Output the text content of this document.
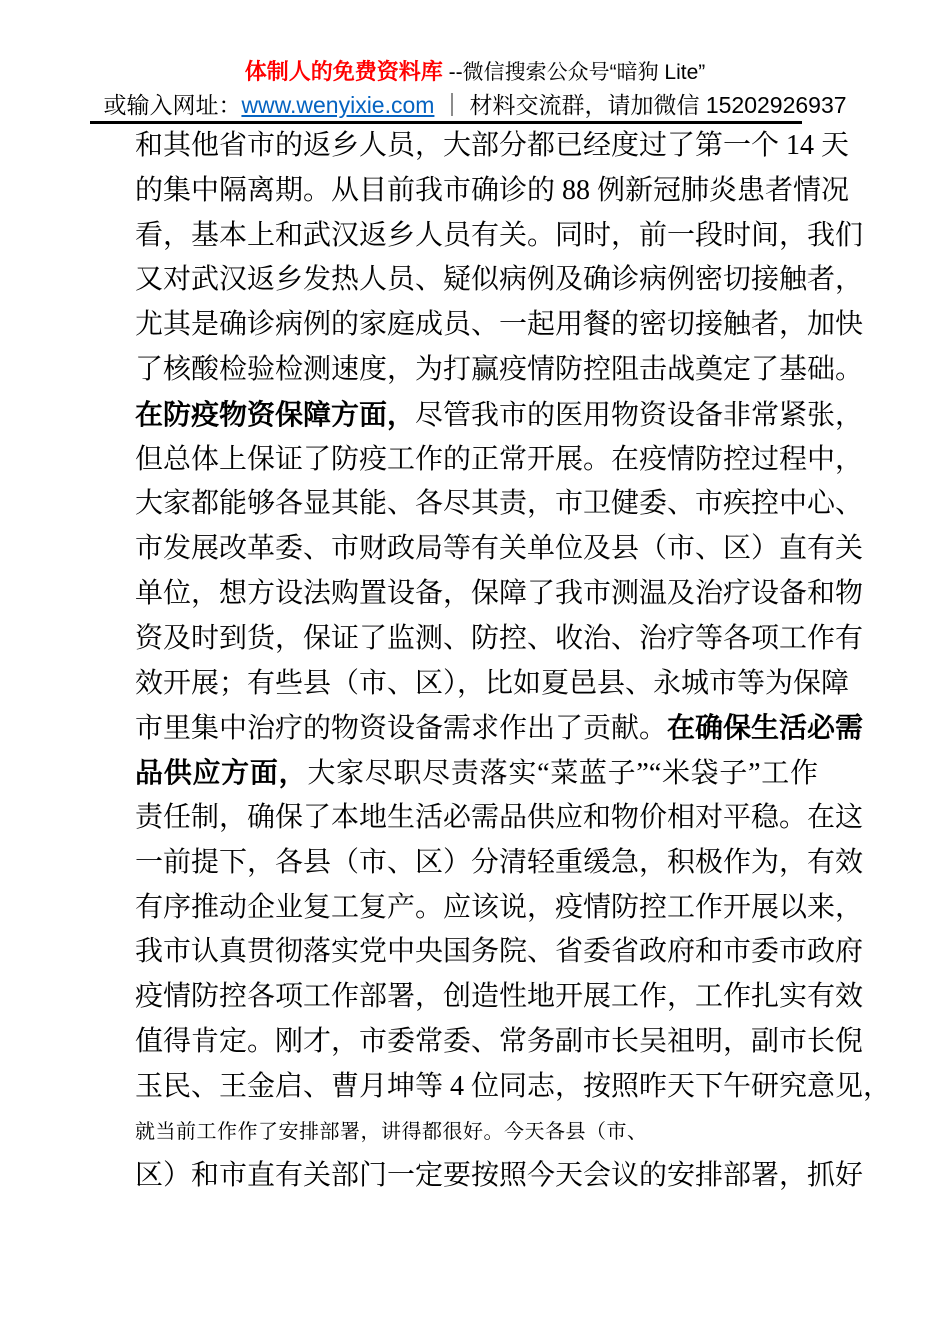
体制人的免费资料库 --微信搜索公众号“暗狗 Lite”
或输入网址：www.wenyixie.com ｜ 材料交流群，请加微信 15202926937
和其他省市的返乡人员，大部分都已经度过了第一个 14 天
的集中隔离期。从目前我市确诊的 88 例新冠肺炎患者情况
看，基本上和武汉返乡人员有关。同时，前一段时间，我们
又对武汉返乡发热人员、疑似病例及确诊病例密切接触者，
尤其是确诊病例的家庭成员、一起用餐的密切接触者，加快
了核酸检验检测速度，为打赢疫情防控阻击战奠定了基础。
在防疫物资保障方面，尽管我市的医用物资设备非常紧张，
但总体上保证了防疫工作的正常开展。在疫情防控过程中，
大家都能够各显其能、各尽其责，市卫健委、市疾控中心、
市发展改革委、市财政局等有关单位及县（市、区）直有关
单位，想方设法购置设备，保障了我市测温及治疗设备和物
资及时到货，保证了监测、防控、收治、治疗等各项工作有
效开展；有些县（市、区），比如夏邑县、永城市等为保障
市里集中治疗的物资设备需求作出了贡献。在确保生活必需
品供应方面，大家尽职尽责落实“菜蓝子”“米袋子”工作
责任制，确保了本地生活必需品供应和物价相对平稳。在这
一前提下，各县（市、区）分清轻重缓急，积极作为，有效
有序推动企业复工复产。应该说，疫情防控工作开展以来，
我市认真贯彻落实党中央国务院、省委省政府和市委市政府
疫情防控各项工作部署，创造性地开展工作，工作扎实有效
值得肯定。刚才，市委常委、常务副市长吴祖明，副市长倪
玉民、王金启、曹月坤等 4 位同志，按照昨天下午研究意见，
就当前工作作了安排部署，讲得都很好。今天各县（市、
区）和市直有关部门一定要按照今天会议的安排部署，抓好
